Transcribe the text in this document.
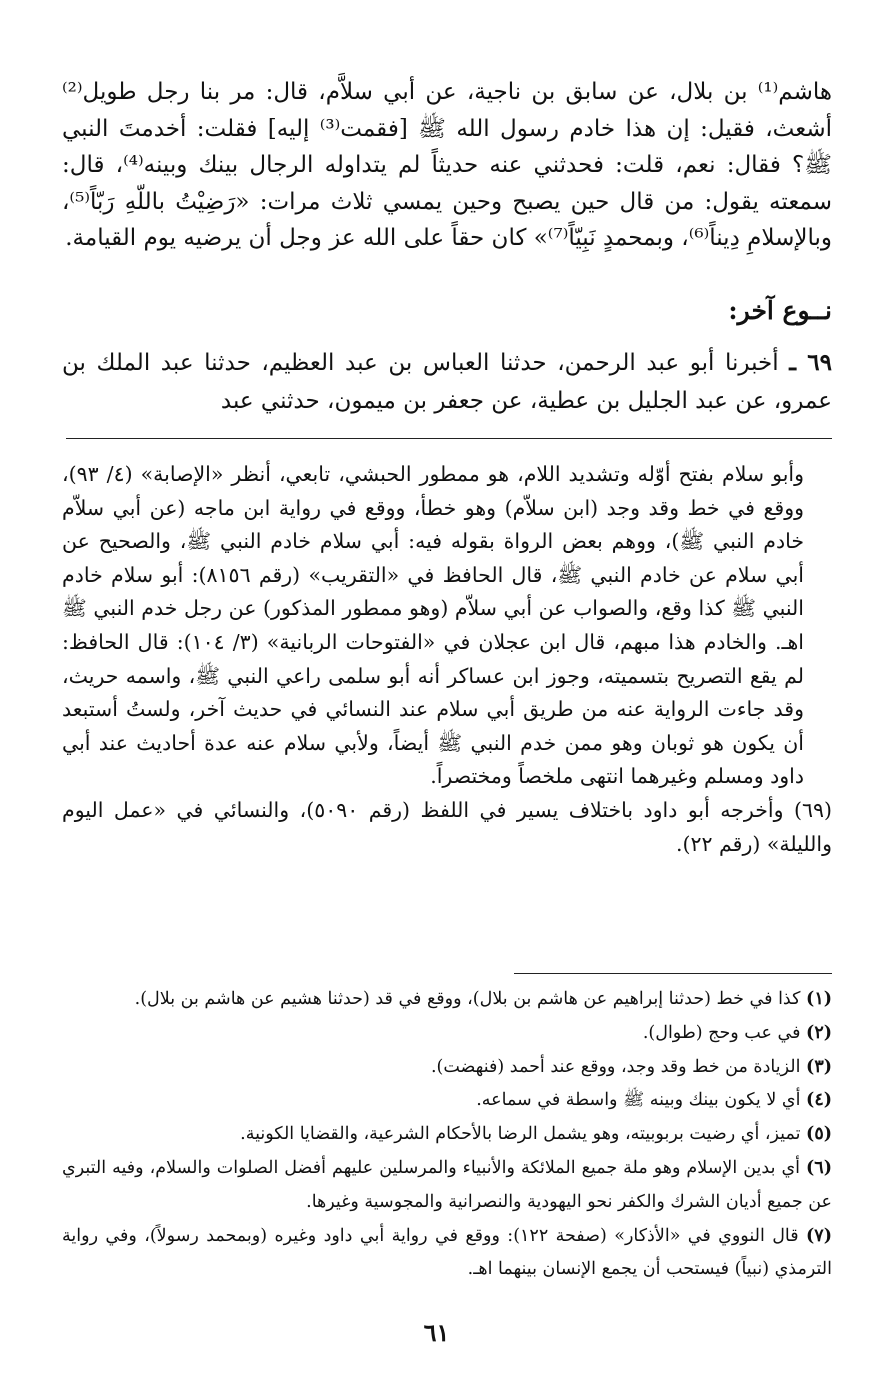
هاشم⁽¹⁾ بن بلال، عن سابق بن ناجية، عن أبي سلاَّم، قال: مر بنا رجل طويل⁽²⁾ أشعث، فقيل: إن هذا خادم رسول الله ﷺ [فقمت⁽³⁾ إليه] فقلت: أخدمتَ النبي ﷺ؟ فقال: نعم، قلت: فحدثني عنه حديثاً لم يتداوله الرجال بينك وبينه⁽⁴⁾، قال: سمعته يقول: من قال حين يصبح وحين يمسي ثلاث مرات: «رَضِيْتُ باللّهِ رَبّاً⁽⁵⁾، وبالإسلامِ دِيناً⁽⁶⁾، وبمحمدٍ نَبِيّاً⁽⁷⁾» كان حقاً على الله عز وجل أن يرضيه يوم القيامة.

نــوع آخر:
٦٩ ـ أخبرنا أبو عبد الرحمن، حدثنا العباس بن عبد العظيم، حدثنا عبد الملك بن عمرو، عن عبد الجليل بن عطية، عن جعفر بن ميمون، حدثني عبد

وأبو سلام بفتح أوّله وتشديد اللام، هو ممطور الحبشي، تابعي، أنظر «الإصابة» (٤/ ٩٣)، ووقع في خط وقد وجد (ابن سلاّم) وهو خطأ، ووقع في رواية ابن ماجه (عن أبي سلاّم خادم النبي ﷺ)، ووهم بعض الرواة بقوله فيه: أبي سلام خادم النبي ﷺ، والصحيح عن أبي سلام عن خادم النبي ﷺ، قال الحافظ في «التقريب» (رقم ٨١٥٦): أبو سلام خادم النبي ﷺ كذا وقع، والصواب عن أبي سلاّم (وهو ممطور المذكور) عن رجل خدم النبي ﷺ اهـ. والخادم هذا مبهم، قال ابن عجلان في «الفتوحات الربانية» (٣/ ١٠٤): قال الحافظ: لم يقع التصريح بتسميته، وجوز ابن عساكر أنه أبو سلمى راعي النبي ﷺ، واسمه حريث، وقد جاءت الرواية عنه من طريق أبي سلام عند النسائي في حديث آخر، ولستُ أستبعد أن يكون هو ثوبان وهو ممن خدم النبي ﷺ أيضاً، ولأبي سلام عنه عدة أحاديث عند أبي داود ومسلم وغيرهما انتهى ملخصاً ومختصراً.

(٦٩) وأخرجه أبو داود باختلاف يسير في اللفظ (رقم ٥٠٩٠)، والنسائي في «عمل اليوم والليلة» (رقم ٢٢).

(١) كذا في خط (حدثنا إبراهيم عن هاشم بن بلال)، ووقع في قد (حدثنا هشيم عن هاشم بن بلال).

(٢) في عب وحج (طوال).

(٣) الزيادة من خط وقد وجد، ووقع عند أحمد (فنهضت).

(٤) أي لا يكون بينك وبينه ﷺ واسطة في سماعه.

(٥) تميز، أي رضيت بربوبيته، وهو يشمل الرضا بالأحكام الشرعية، والقضايا الكونية.

(٦) أي بدين الإسلام وهو ملة جميع الملائكة والأنبياء والمرسلين عليهم أفضل الصلوات والسلام، وفيه التبري عن جميع أديان الشرك والكفر نحو اليهودية والنصرانية والمجوسية وغيرها.

(٧) قال النووي في «الأذكار» (صفحة ١٢٢): ووقع في رواية أبي داود وغيره (وبمحمد رسولاً)، وفي رواية الترمذي (نبياً) فيستحب أن يجمع الإنسان بينهما اهـ.

٦١
